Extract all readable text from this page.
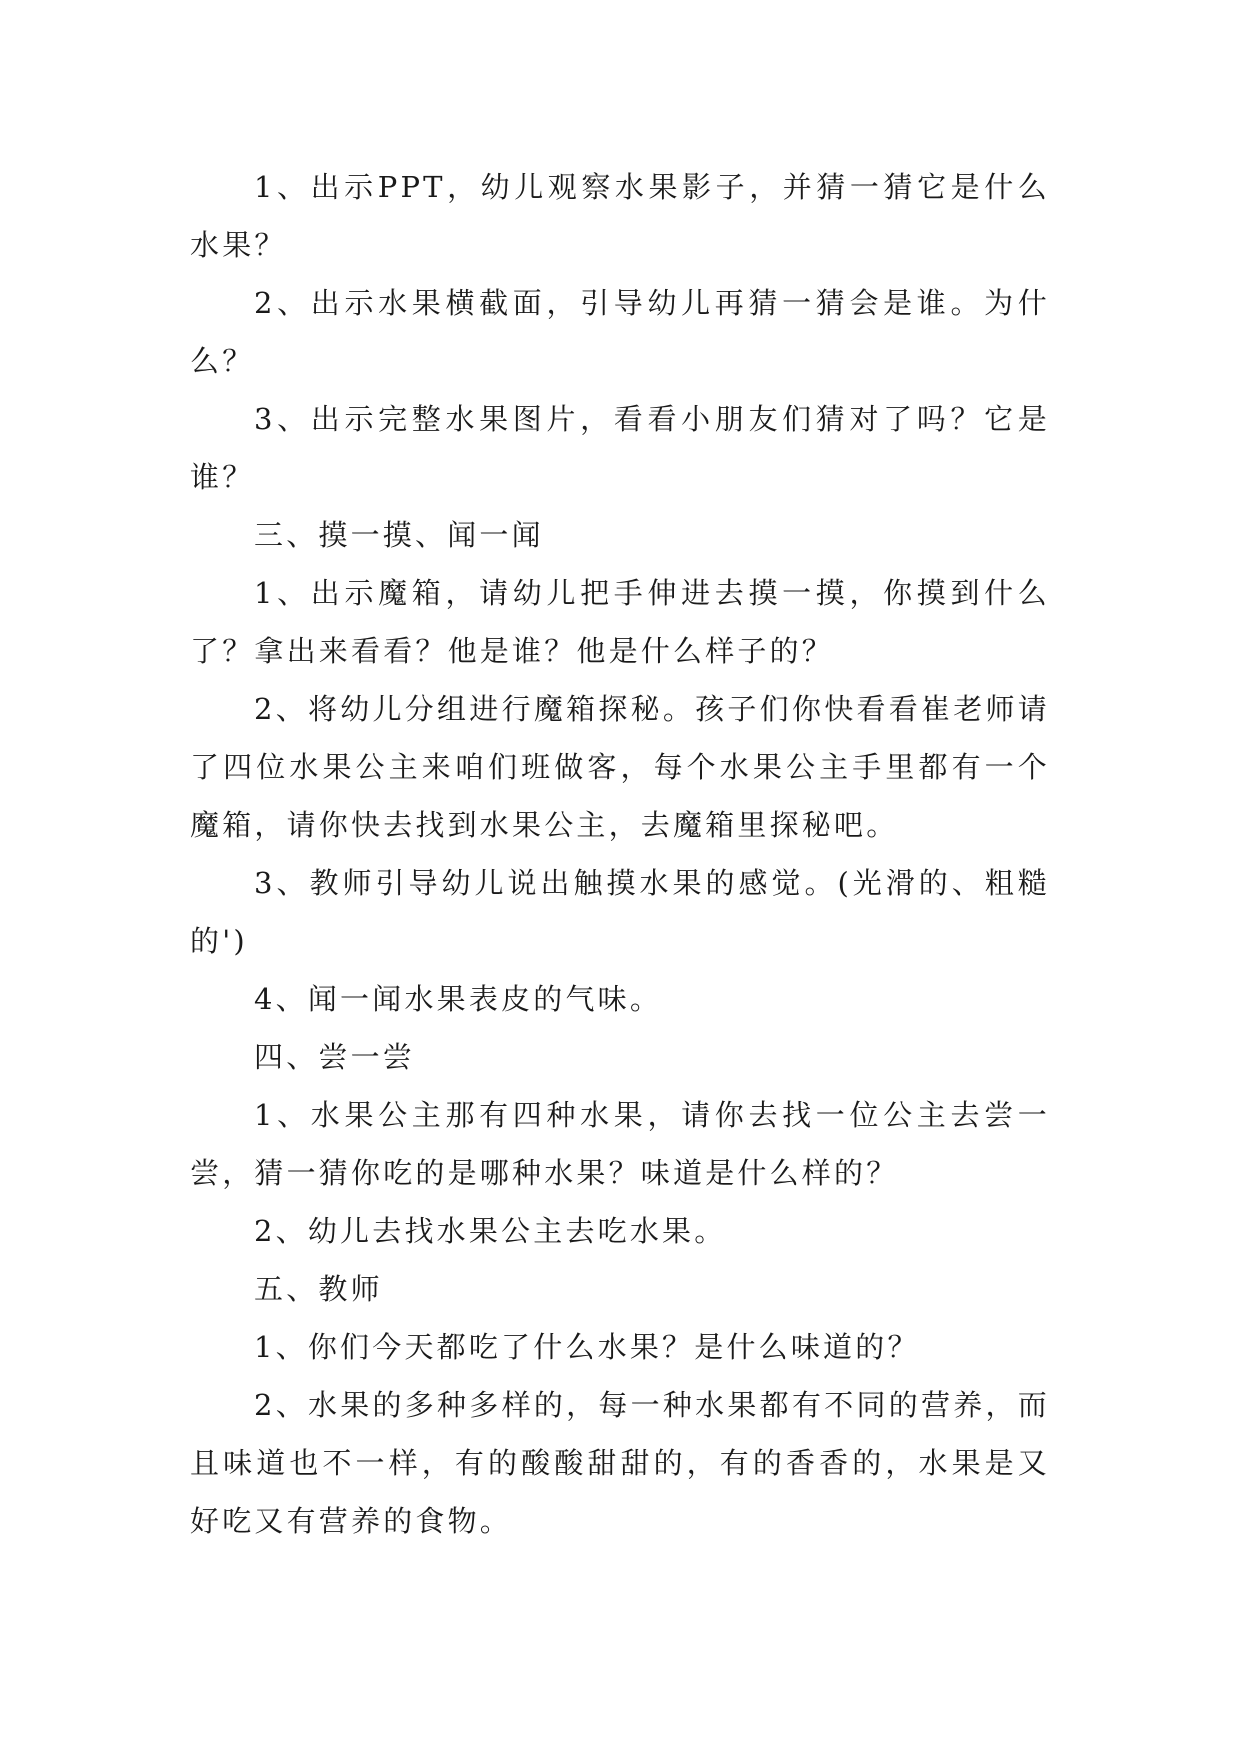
1、出示PPT，幼儿观察水果影子，并猜一猜它是什么水果？

2、出示水果横截面，引导幼儿再猜一猜会是谁。为什么？

3、出示完整水果图片，看看小朋友们猜对了吗？它是谁？

三、摸一摸、闻一闻

1、出示魔箱，请幼儿把手伸进去摸一摸，你摸到什么了？拿出来看看？他是谁？他是什么样子的？

2、将幼儿分组进行魔箱探秘。孩子们你快看看崔老师请了四位水果公主来咱们班做客，每个水果公主手里都有一个魔箱，请你快去找到水果公主，去魔箱里探秘吧。

3、教师引导幼儿说出触摸水果的感觉。(光滑的、粗糙的')

4、闻一闻水果表皮的气味。

四、尝一尝

1、水果公主那有四种水果，请你去找一位公主去尝一尝，猜一猜你吃的是哪种水果？味道是什么样的？

2、幼儿去找水果公主去吃水果。

五、教师

1、你们今天都吃了什么水果？是什么味道的？

2、水果的多种多样的，每一种水果都有不同的营养，而且味道也不一样，有的酸酸甜甜的，有的香香的，水果是又好吃又有营养的食物。
